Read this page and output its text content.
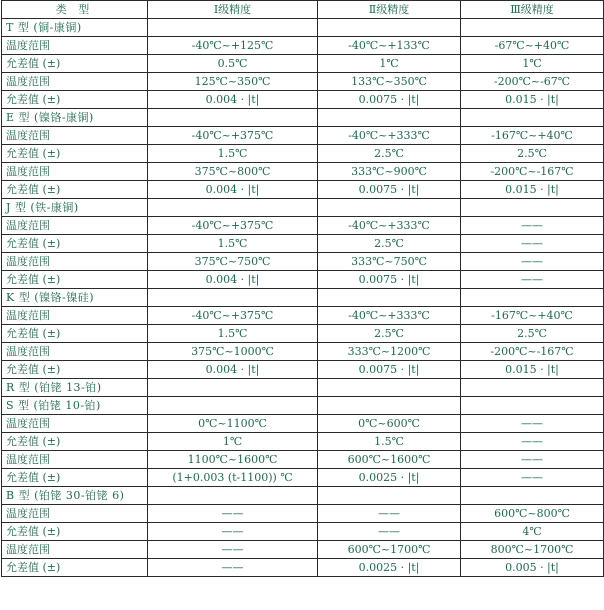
类 型	Ⅰ级精度	Ⅱ级精度	Ⅲ级精度
T 型 (铜-康铜)			
温度范围	-40℃~+125℃	-40℃~+133℃	-67℃~+40℃
允差值 (±)	0.5℃	1℃	1℃
温度范围	125℃~350℃	133℃~350℃	-200℃~-67℃
允差值 (±)	0.004 · |t|	0.0075 · |t|	0.015 · |t|
E 型 (镍铬-康铜)			
温度范围	-40℃~+375℃	-40℃~+333℃	-167℃~+40℃
允差值 (±)	1.5℃	2.5℃	2.5℃
温度范围	375℃~800℃	333℃~900℃	-200℃~-167℃
允差值 (±)	0.004 · |t|	0.0075 · |t|	0.015 · |t|
J 型 (铁-康铜)			
温度范围	-40℃~+375℃	-40℃~+333℃	——
允差值 (±)	1.5℃	2.5℃	——
温度范围	375℃~750℃	333℃~750℃	——
允差值 (±)	0.004 · |t|	0.0075 · |t|	——
K 型 (镍铬-镍硅)			
温度范围	-40℃~+375℃	-40℃~+333℃	-167℃~+40℃
允差值 (±)	1.5℃	2.5℃	2.5℃
温度范围	375℃~1000℃	333℃~1200℃	-200℃~-167℃
允差值 (±)	0.004 · |t|	0.0075 · |t|	0.015 · |t|
R 型 (铂铑 13-铂)			
S 型 (铂铑 10-铂)			
温度范围	0℃~1100℃	0℃~600℃	——
允差值 (±)	1℃	1.5℃	——
温度范围	1100℃~1600℃	600℃~1600℃	——
允差值 (±)	(1+0.003 (t-1100)) ℃	0.0025 · |t|	——
B 型 (铂铑 30-铂铑 6)			
温度范围	——	——	600℃~800℃
允差值 (±)	——	——	4℃
温度范围	——	600℃~1700℃	800℃~1700℃
允差值 (±)	——	0.0025 · |t|	0.005 · |t|
